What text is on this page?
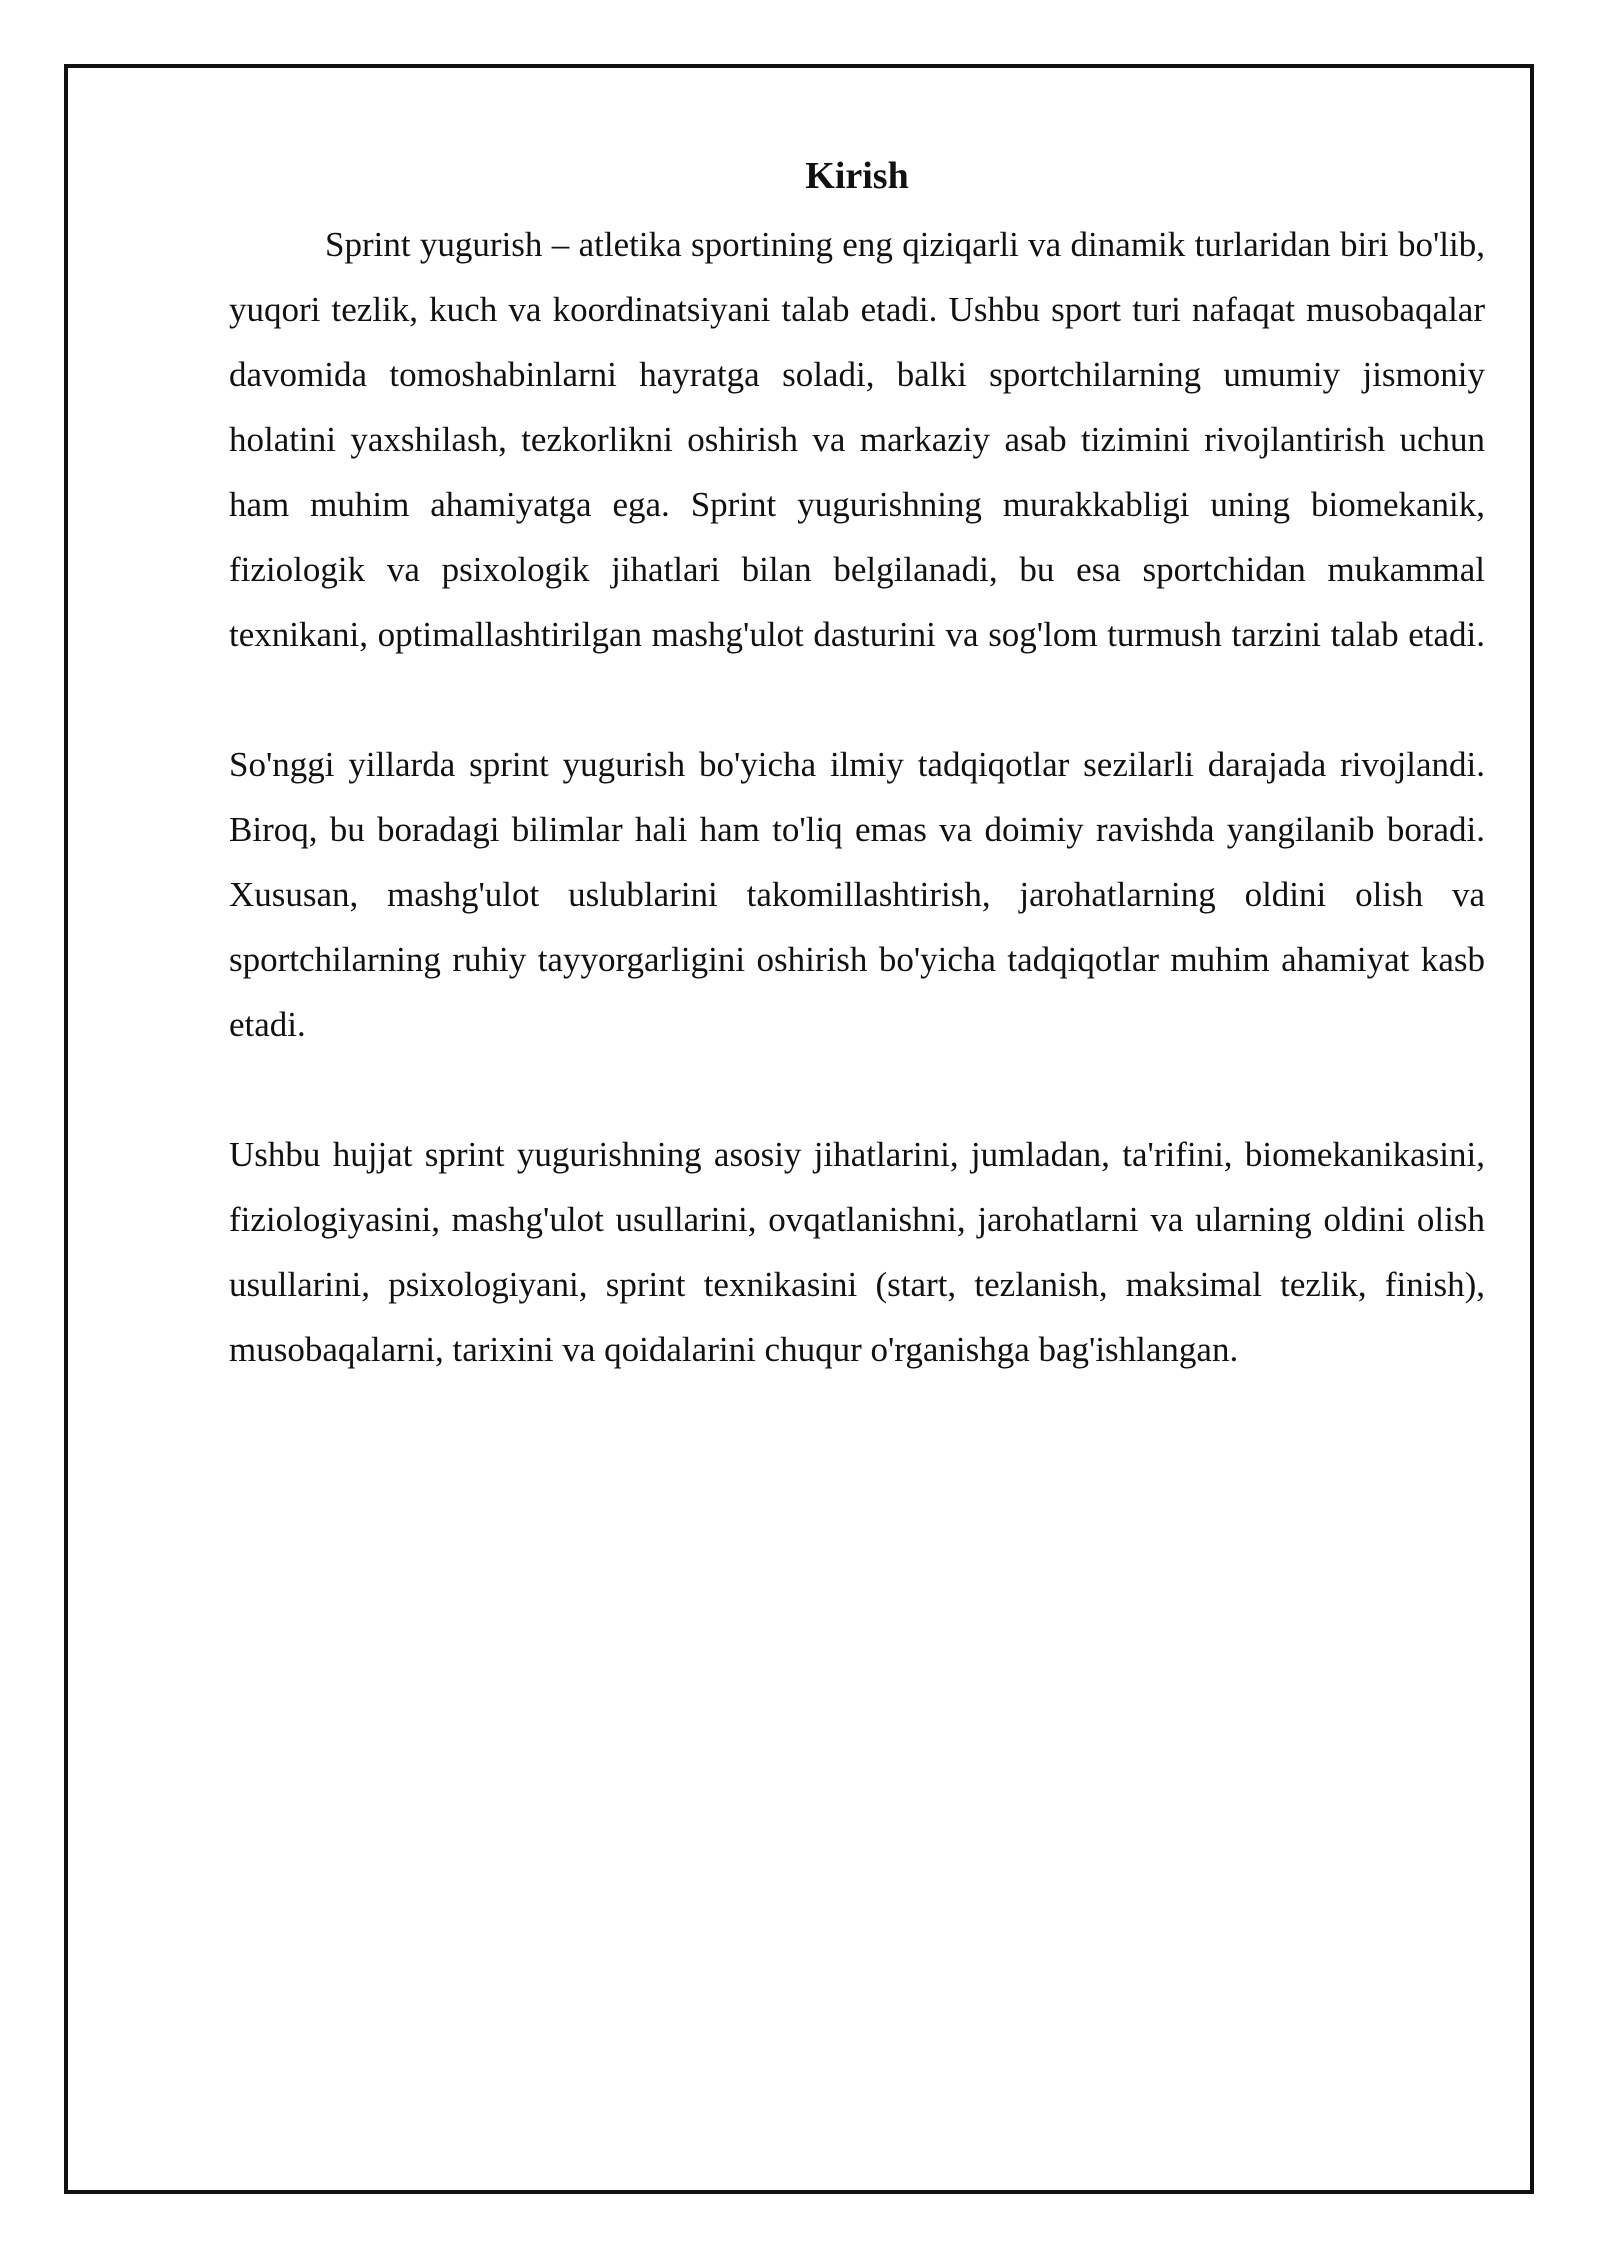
Kirish

Sprint yugurish – atletika sportining eng qiziqarli va dinamik turlaridan biri bo'lib, yuqori tezlik, kuch va koordinatsiyani talab etadi. Ushbu sport turi nafaqat musobaqalar davomida tomoshabinlarni hayratga soladi, balki sportchilarning umumiy jismoniy holatini yaxshilash, tezkorlikni oshirish va markaziy asab tizimini rivojlantirish uchun ham muhim ahamiyatga ega. Sprint yugurishning murakkabligi uning biomekanik, fiziologik va psixologik jihatlari bilan belgilanadi, bu esa sportchidan mukammal texnikani, optimallashtirilgan mashg'ulot dasturini va sog'lom turmush tarzini talab etadi.

So'nggi yillarda sprint yugurish bo'yicha ilmiy tadqiqotlar sezilarli darajada rivojlandi. Biroq, bu boradagi bilimlar hali ham to'liq emas va doimiy ravishda yangilanib boradi. Xususan, mashg'ulot uslublarini takomillashtirish, jarohatlarning oldini olish va sportchilarning ruhiy tayyorgarligini oshirish bo'yicha tadqiqotlar muhim ahamiyat kasb etadi.

Ushbu hujjat sprint yugurishning asosiy jihatlarini, jumladan, ta'rifini, biomekanikasini, fiziologiyasini, mashg'ulot usullarini, ovqatlanishni, jarohatlarni va ularning oldini olish usullarini, psixologiyani, sprint texnikasini (start, tezlanish, maksimal tezlik, finish), musobaqalarni, tarixini va qoidalarini chuqur o'rganishga bag'ishlangan.
